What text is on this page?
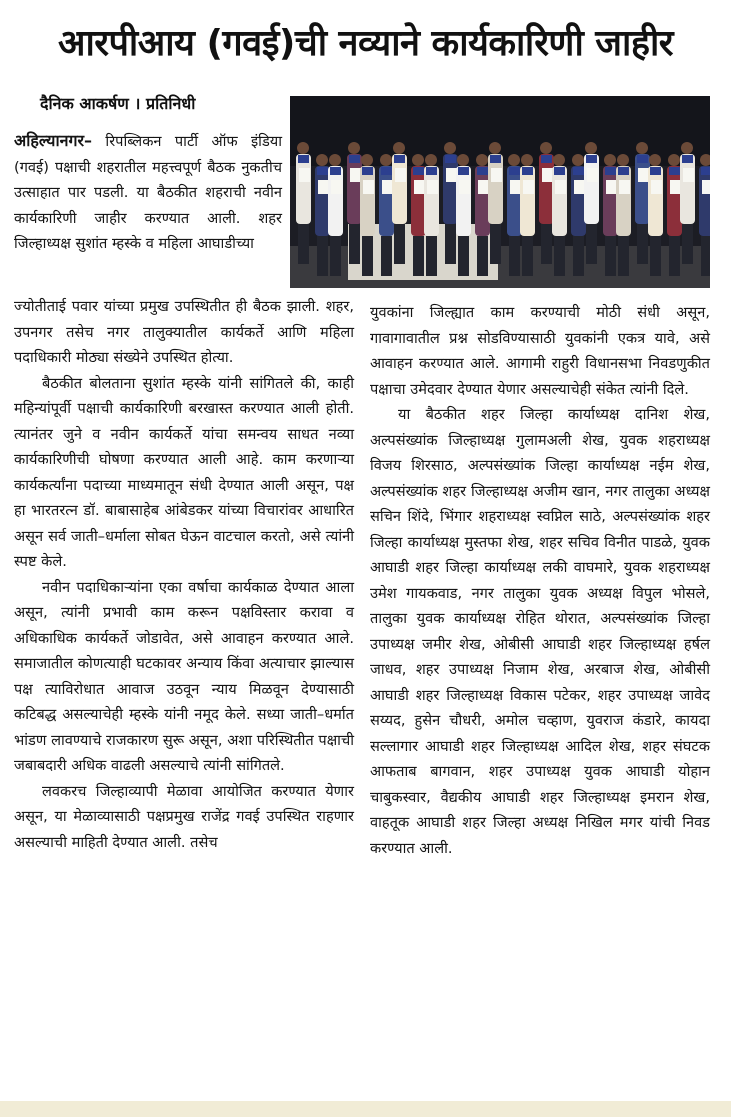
आरपीआय (गवई)ची नव्याने कार्यकारिणी जाहीर
दैनिक आकर्षण । प्रतिनिधी

अहिल्यानगर– रिपब्लिकन पार्टी ऑफ इंडिया (गवई) पक्षाची शहरातील महत्त्वपूर्ण बैठक नुकतीच उत्साहात पार पडली. या बैठकीत शहराची नवीन कार्यकारिणी जाहीर करण्यात आली. शहर जिल्हाध्यक्ष सुशांत म्हस्के व महिला आघाडीच्या

ज्योतीताई पवार यांच्या प्रमुख उपस्थितीत ही बैठक झाली. शहर, उपनगर तसेच नगर तालुक्यातील कार्यकर्ते आणि महिला पदाधिकारी मोठ्या संख्येने उपस्थित होत्या.

बैठकीत बोलताना सुशांत म्हस्के यांनी सांगितले की, काही महिन्यांपूर्वी पक्षाची कार्यकारिणी बरखास्त करण्यात आली होती. त्यानंतर जुने व नवीन कार्यकर्ते यांचा समन्वय साधत नव्या कार्यकारिणीची घोषणा करण्यात आली आहे. काम करणाऱ्या कार्यकर्त्यांना पदाच्या माध्यमातून संधी देण्यात आली असून, पक्ष हा भारतरत्न डॉ. बाबासाहेब आंबेडकर यांच्या विचारांवर आधारित असून सर्व जाती–धर्माला सोबत घेऊन वाटचाल करतो, असे त्यांनी स्पष्ट केले.

नवीन पदाधिकाऱ्यांना एका वर्षाचा कार्यकाळ देण्यात आला असून, त्यांनी प्रभावी काम करून पक्षविस्तार करावा व अधिकाधिक कार्यकर्ते जोडावेत, असे आवाहन करण्यात आले. समाजातील कोणत्याही घटकावर अन्याय किंवा अत्याचार झाल्यास पक्ष त्याविरोधात आवाज उठवून न्याय मिळवून देण्यासाठी कटिबद्ध असल्याचेही म्हस्के यांनी नमूद केले. सध्या जाती–धर्मात भांडण लावण्याचे राजकारण सुरू असून, अशा परिस्थितीत पक्षाची जबाबदारी अधिक वाढली असल्याचे त्यांनी सांगितले.

लवकरच जिल्हाव्यापी मेळावा आयोजित करण्यात येणार असून, या मेळाव्यासाठी पक्षप्रमुख राजेंद्र गवई उपस्थित राहणार असल्याची माहिती देण्यात आली. तसेच

युवकांना जिल्ह्यात काम करण्याची मोठी संधी असून, गावागावातील प्रश्न सोडविण्यासाठी युवकांनी एकत्र यावे, असे आवाहन करण्यात आले. आगामी राहुरी विधानसभा निवडणुकीत पक्षाचा उमेदवार देण्यात येणार असल्याचेही संकेत त्यांनी दिले.

या बैठकीत शहर जिल्हा कार्याध्यक्ष दानिश शेख, अल्पसंख्यांक जिल्हाध्यक्ष गुलामअली शेख, युवक शहराध्यक्ष विजय शिरसाठ, अल्पसंख्यांक जिल्हा कार्याध्यक्ष नईम शेख, अल्पसंख्यांक शहर जिल्हाध्यक्ष अजीम खान, नगर तालुका अध्यक्ष सचिन शिंदे, भिंगार शहराध्यक्ष स्वप्निल साठे, अल्पसंख्यांक शहर जिल्हा कार्याध्यक्ष मुस्तफा शेख, शहर सचिव विनीत पाडळे, युवक आघाडी शहर जिल्हा कार्याध्यक्ष लकी वाघमारे, युवक शहराध्यक्ष उमेश गायकवाड, नगर तालुका युवक अध्यक्ष विपुल भोसले, तालुका युवक कार्याध्यक्ष रोहित थोरात, अल्पसंख्यांक जिल्हा उपाध्यक्ष जमीर शेख, ओबीसी आघाडी शहर जिल्हाध्यक्ष हर्षल जाधव, शहर उपाध्यक्ष निजाम शेख, अरबाज शेख, ओबीसी आघाडी शहर जिल्हाध्यक्ष विकास पटेकर, शहर उपाध्यक्ष जावेद सय्यद, हुसेन चौधरी, अमोल चव्हाण, युवराज कंडारे, कायदा सल्लागार आघाडी शहर जिल्हाध्यक्ष आदिल शेख, शहर संघटक आफताब बागवान, शहर उपाध्यक्ष युवक आघाडी योहान चाबुकस्वार, वैद्यकीय आघाडी शहर जिल्हाध्यक्ष इमरान शेख, वाहतूक आघाडी शहर जिल्हा अध्यक्ष निखिल मगर यांची निवड करण्यात आली.
